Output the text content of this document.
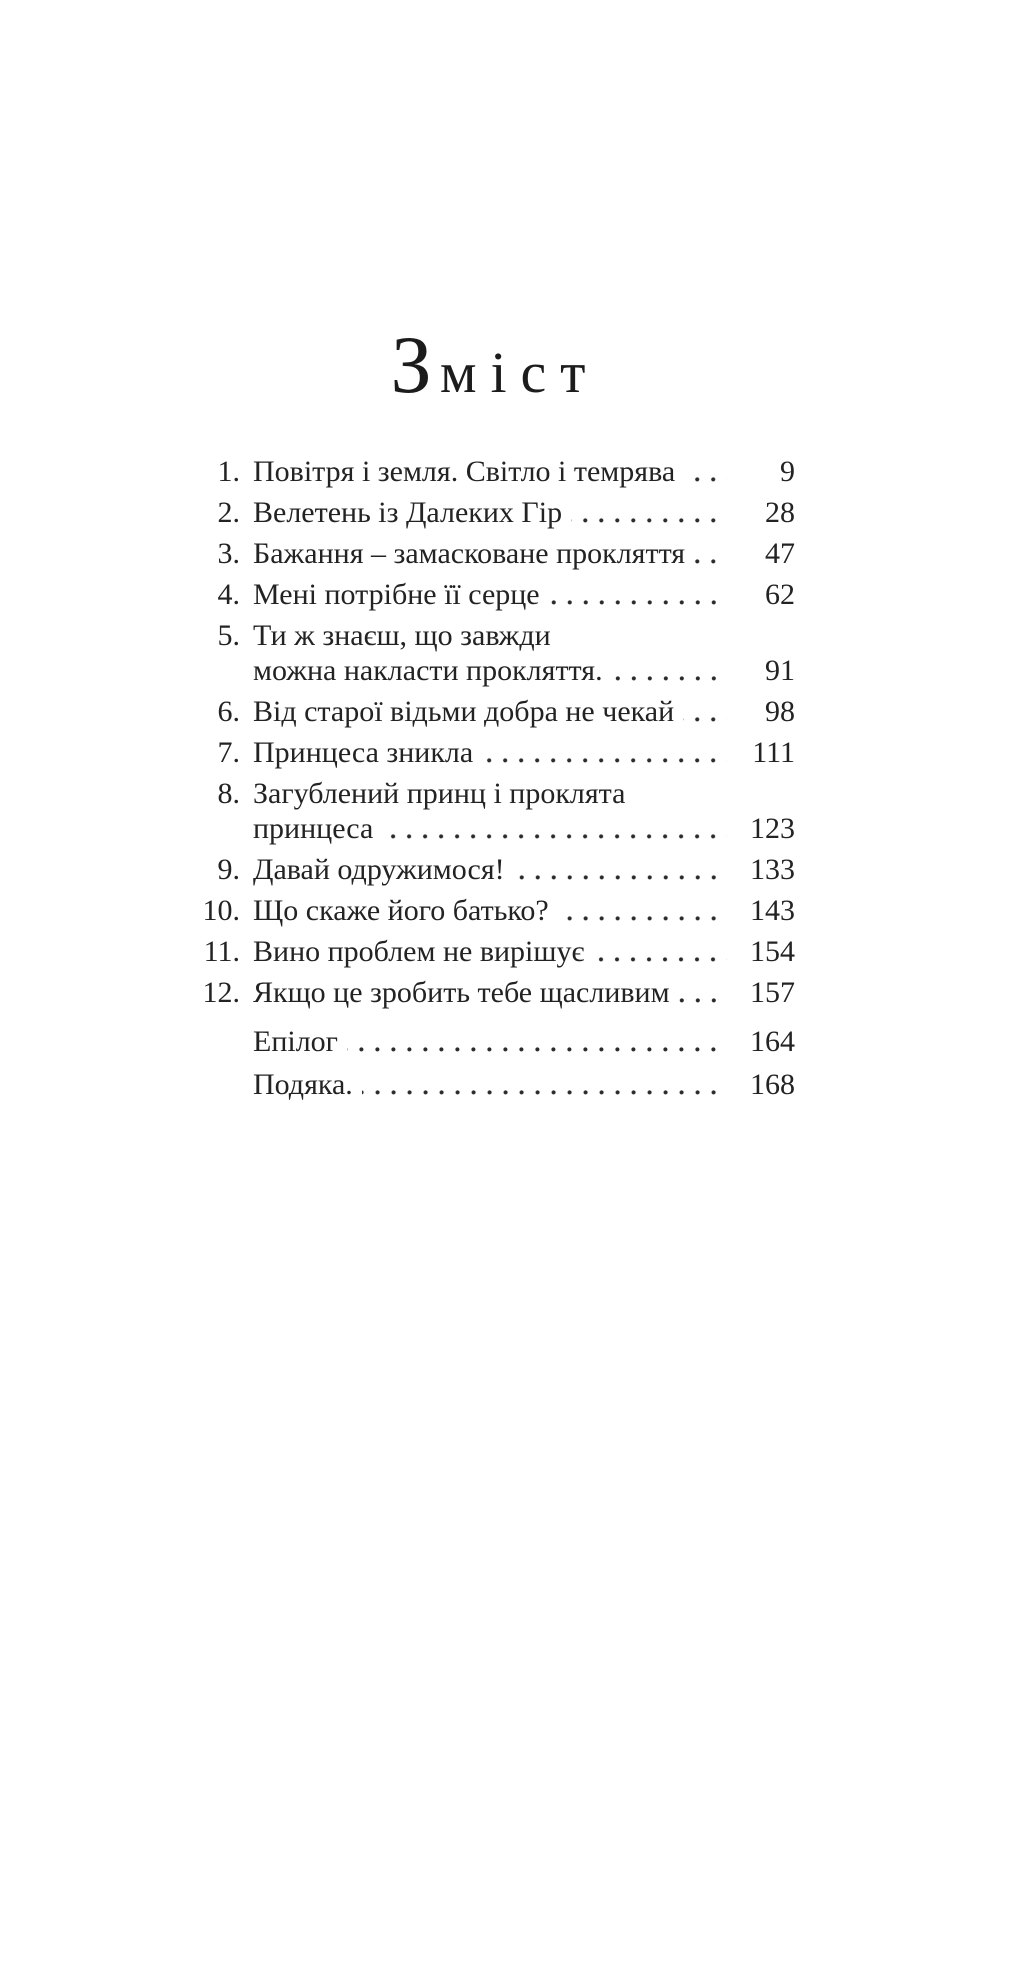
Зміст
1. Повітря і земля. Світло і темрява	9
2. Велетень із Далеких Гір	28
3. Бажання – замасковане прокляття	47
4. Мені потрібне її серце	62
5. Ти ж знаєш, що завжди
можна накласти прокляття.	91
6. Від старої відьми добра не чекай	98
7. Принцеса зникла	111
8. Загублений принц і проклята
принцеса	123
9. Давай одружимося!	133
10. Що скаже його батько?	143
11. Вино проблем не вирішує	154
12. Якщо це зробить тебе щасливим	157
Епілог	164
Подяка.	168
